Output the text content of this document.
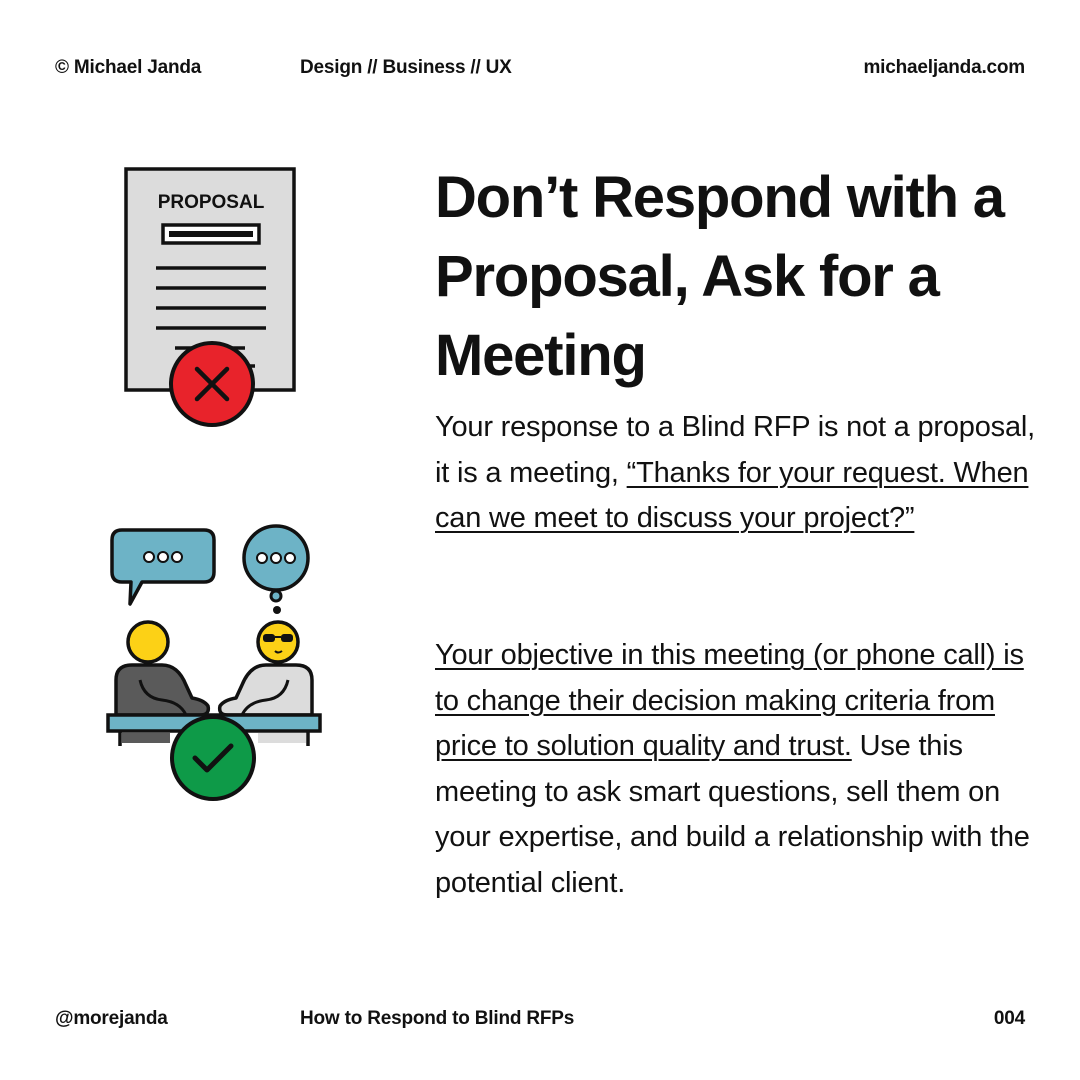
© Michael Janda	Design // Business // UX	michaeljanda.com
PROPOSAL	Don’t Respond with a Proposal, Ask for a Meeting

Your response to a Blind RFP is not a proposal, it is a meeting, “Thanks for your request. When can we meet to discuss your project?”

Your objective in this meeting (or phone call) is to change their decision making criteria from price to solution quality and trust. Use this meeting to ask smart questions, sell them on your expertise, and build a relationship with the potential client.

@morejanda	How to Respond to Blind RFPs	004
